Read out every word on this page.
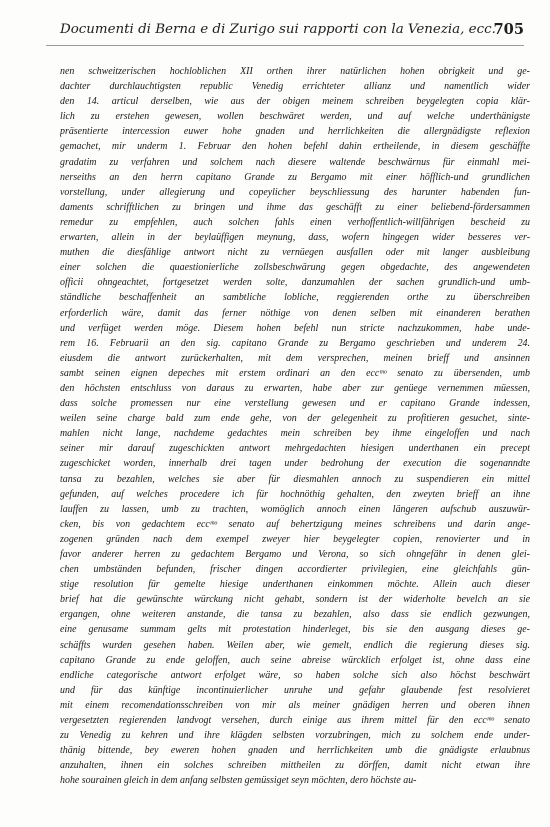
Documenti di Berna e di Zurigo sui rapporti con la Venezia, ecc.
705
nen schweitzerischen hochloblichen XII orthen ihrer natürlichen hohen obrigkeit und ge-
dachter durchlauchtigsten republic Venedig errichteter allianz und namentlich wider
den 14. articul derselben, wie aus der obigen meinem schreiben beygelegten copia klär-
lich zu erstehen gewesen, wollen beschwäret werden, und auf welche underthänigste
präsentierte intercession euwer hohe gnaden und herrlichkeiten die allergnädigste reflexion
gemachet, mir underm 1. Februar den hohen befehl dahin ertheilende, in diesem geschäffte
gradatim zu verfahren und solchem nach diesere waltende beschwärnus für einmahl mei-
nerseiths an den herrn capitano Grande zu Bergamo mit einer höfflich-und grundlichen
vorstellung, under allegierung und copeylicher beyschliessung des harunter habenden fun-
daments schrifftlichen zu bringen und ihme das geschäfft zu einer beliebend-fördersammen
remedur zu empfehlen, auch solchen fahls einen verhoffentlich-willfährigen bescheid zu
erwarten, allein in der beylaüffigen meynung, dass, wofern hingegen wider besseres ver-
muthen die diesfählige antwort nicht zu vernüegen ausfallen oder mit langer ausbleibung
einer solchen die quaestionierliche zollsbeschwärung gegen obgedachte, des angewendeten
officii ohngeachtet, fortgesetzet werden solte, danzumahlen der sachen grundlich-und umb-
ständliche beschaffenheit an sambtliche lobliche, reggierenden orthe zu überschreiben
erforderlich wäre, damit das ferner nöthige von denen selben mit einanderen berathen
und verfüget werden möge. Diesem hohen befehl nun stricte nachzukommen, habe unde-
rem 16. Februarii an den sig. capitano Grande zu Bergamo geschrieben und underem 24.
eiusdem die antwort zurückerhalten, mit dem versprechen, meinen brieff und ansinnen
sambt seinen eignen depeches mit erstem ordinari an den eccᵐᵒ senato zu übersenden, umb
den höchsten entschluss von daraus zu erwarten, habe aber zur genüege vernemmen müessen,
dass solche promessen nur eine verstellung gewesen und er capitano Grande indessen,
weilen seine charge bald zum ende gehe, von der gelegenheit zu profitieren gesuchet, sinte-
mahlen nicht lange, nachdeme gedachtes mein schreiben bey ihme eingeloffen und nach
seiner mir darauf zugeschickten antwort mehrgedachten hiesigen underthanen ein precept
zugeschicket worden, innerhalb drei tagen under bedrohung der execution die sogenanndte
tansa zu bezahlen, welches sie aber für diesmahlen annoch zu suspendieren ein mittel
gefunden, auf welches procedere ich für hochnöthig gehalten, den zweyten brieff an ihne
lauffen zu lassen, umb zu trachten, womöglich annoch einen längeren aufschub auszuwür-
cken, bis von gedachtem eccᵐᵒ senato auf behertzigung meines schreibens und darin ange-
zogenen gründen nach dem exempel zweyer hier beygelegter copien, renovierter und in
favor anderer herren zu gedachtem Bergamo und Verona, so sich ohngefähr in denen glei-
chen umbständen befunden, frischer dingen accordierter privilegien, eine gleichfahls gün-
stige resolution für gemelte hiesige underthanen einkommen möchte. Allein auch dieser
brief hat die gewünschte würckung nicht gehabt, sondern ist der widerholte bevelch an sie
ergangen, ohne weiteren anstande, die tansa zu bezahlen, also dass sie endlich gezwungen,
eine genusame summam gelts mit protestation hinderleget, bis sie den ausgang dieses ge-
schäffts wurden gesehen haben. Weilen aber, wie gemelt, endlich die regierung dieses sig.
capitano Grande zu ende geloffen, auch seine abreise würcklich erfolget ist, ohne dass eine
endliche categorische antwort erfolget wäre, so haben solche sich also höchst beschwärt
und für das künftige incontinuierlicher unruhe und gefahr glaubende fest resolvieret
mit einem recomendationsschreiben von mir als meiner gnädigen herren und oberen ihnen
vergesetzten regierenden landvogt versehen, durch einige aus ihrem mittel für den eccᵐᵒ senato
zu Venedig zu kehren und ihre klägden selbsten vorzubringen, mich zu solchem ende under-
thänig bittende, bey eweren hohen gnaden und herrlichkeiten umb die gnädigste erlaubnus
anzuhalten, ihnen ein solches schreiben mittheilen zu dörffen, damit nicht etwan ihre
hohe sourainen gleich in dem anfang selbsten gemüssiget seyn möchten, dero höchste au-
